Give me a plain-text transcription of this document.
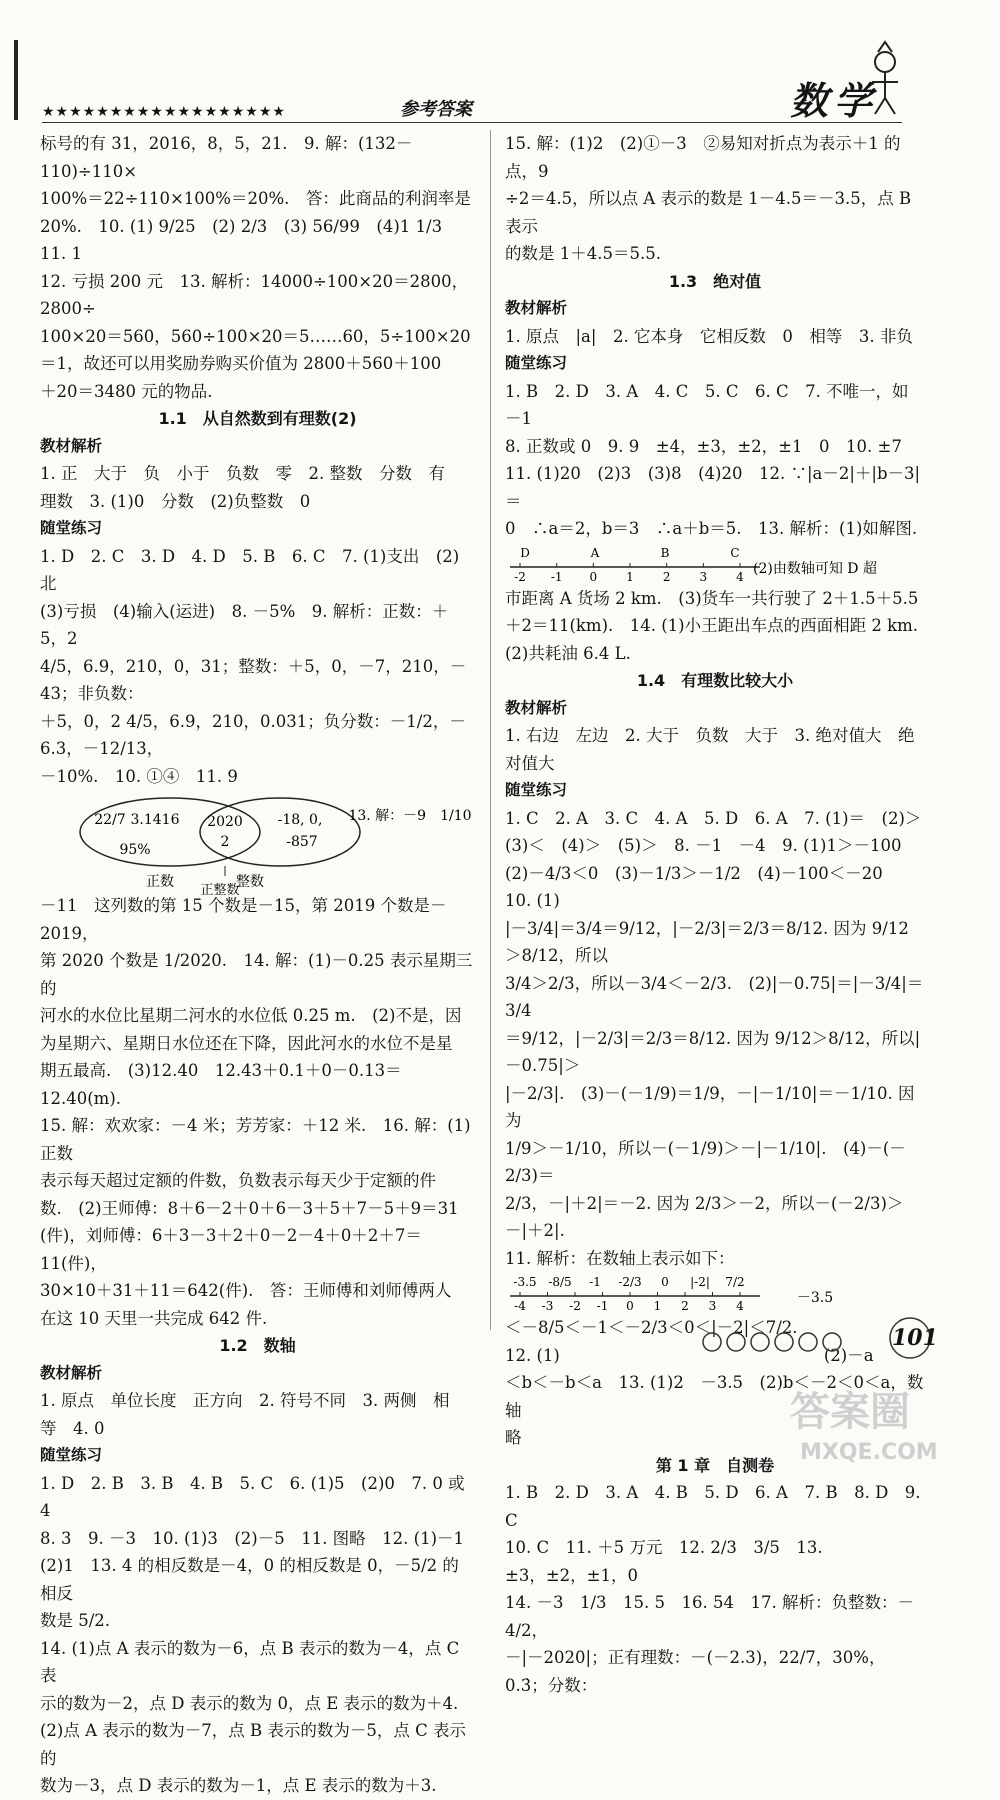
★★★★★★★★★★★★★★★★★★	参考答案	数学

标号的有 31，2016，8，5，21.　9. 解：(132－110)÷110×

100%＝22÷110×100%＝20%.　答：此商品的利润率是

20%.　10. (1) 9/25　(2) 2/3　(3) 56/99　(4)1 1/3　11. 1

12. 亏损 200 元　13. 解析：14000÷100×20＝2800，2800÷

100×20＝560，560÷100×20＝5……60，5÷100×20＝1，故还可以用奖励券购买价值为 2800＋560＋100

＋20＝3480 元的物品.

1.1　从自然数到有理数(2)

教材解析

1. 正　大于　负　小于　负数　零　2. 整数　分数　有

理数　3. (1)0　分数　(2)负整数　0

随堂练习

1. D　2. C　3. D　4. D　5. B　6. C　7. (1)支出　(2)北

(3)亏损　(4)输入(运进)　8. －5%　9. 解析：正数：＋5，2

4/5，6.9，210，0，31；整数：＋5，0，－7，210，－43；非负数：

＋5，0，2 4/5，6.9，210，0.031；负分数：－1/2，－6.3，－12/13，

－10%.　10. ①④　11. 9

22/7 3.1416
95%
2020
2
-18, 0,
-857
正数	整数
正整数
13. 解：－9　1/10

－11　这列数的第 15 个数是－15，第 2019 个数是－2019，

第 2020 个数是 1/2020.　14. 解：(1)－0.25 表示星期三的

河水的水位比星期二河水的水位低 0.25 m.　(2)不是，因

为星期六、星期日水位还在下降，因此河水的水位不是星

期五最高.　(3)12.40　12.43＋0.1＋0－0.13＝12.40(m).

15. 解：欢欢家：－4 米；芳芳家：＋12 米.　16. 解：(1)正数

表示每天超过定额的件数，负数表示每天少于定额的件

数.　(2)王师傅：8＋6－2＋0＋6－3＋5＋7－5＋9＝31

(件)，刘师傅：6＋3－3＋2＋0－2－4＋0＋2＋7＝11(件)，

30×10＋31＋11＝642(件).　答：王师傅和刘师傅两人

在这 10 天里一共完成 642 件.

1.2　数轴

教材解析

1. 原点　单位长度　正方向　2. 符号不同　3. 两侧　相

等　4. 0

随堂练习

1. D　2. B　3. B　4. B　5. C　6. (1)5　(2)0　7. 0 或 4

8. 3　9. －3　10. (1)3　(2)－5　11. 图略　12. (1)－1

(2)1　13. 4 的相反数是－4，0 的相反数是 0，－5/2 的相反

数是 5/2.

14. (1)点 A 表示的数为－6，点 B 表示的数为－4，点 C 表

示的数为－2，点 D 表示的数为 0，点 E 表示的数为＋4.

(2)点 A 表示的数为－7，点 B 表示的数为－5，点 C 表示的

数为－3，点 D 表示的数为－1，点 E 表示的数为＋3.

15. 解：(1)2　(2)①－3　②易知对折点为表示＋1 的点，9

÷2＝4.5，所以点 A 表示的数是 1－4.5＝－3.5，点 B 表示

的数是 1＋4.5＝5.5.

1.3　绝对值

教材解析

1. 原点　|a|　2. 它本身　它相反数　0　相等　3. 非负

随堂练习

1. B　2. D　3. A　4. C　5. C　6. C　7. 不唯一，如－1

8. 正数或 0　9. 9　±4，±3，±2，±1　0　10. ±7

11. (1)20　(2)3　(3)8　(4)20　12. ∵|a－2|＋|b－3|＝

0　∴a＝2，b＝3　∴a＋b＝5.　13. 解析：(1)如解图.

-2 -1 0 1 2 3 4
D	A	B	C
(2)由数轴可知 D 超

市距离 A 货场 2 km.　(3)货车一共行驶了 2＋1.5＋5.5

＋2＝11(km).　14. (1)小王距出车点的西面相距 2 km.

(2)共耗油 6.4 L.

1.4　有理数比较大小

教材解析

1. 右边　左边　2. 大于　负数　大于　3. 绝对值大　绝

对值大

随堂练习

1. C　2. A　3. C　4. A　5. D　6. A　7. (1)＝　(2)＞

(3)＜　(4)＞　(5)＞　8. －1　－4　9. (1)1＞－100

(2)－4/3＜0　(3)－1/3＞－1/2　(4)－100＜－20　10. (1)

|－3/4|＝3/4＝9/12，|－2/3|＝2/3＝8/12. 因为 9/12＞8/12，所以

3/4＞2/3，所以－3/4＜－2/3.　(2)|－0.75|＝|－3/4|＝3/4

＝9/12，|－2/3|＝2/3＝8/12. 因为 9/12＞8/12，所以|－0.75|＞

|－2/3|.　(3)－(－1/9)＝1/9，－|－1/10|＝－1/10. 因为

1/9＞－1/10，所以－(－1/9)＞－|－1/10|.　(4)－(－2/3)＝

2/3，－|＋2|＝－2. 因为 2/3＞－2，所以－(－2/3)＞－|＋2|.

11. 解析：在数轴上表示如下：

-4 -3 -2 -1 0 1 2 3 4
-3.5 -8/5 -1 -2/3 0 |-2| 7/2
－3.5

＜－8/5＜－1＜－2/3＜0＜|－2|＜7/2.

12. (1)　　　　　　　　　　　　　　　　(2)－a

＜b＜－b＜a　13. (1)2　－3.5　(2)b＜－2＜0＜a，数轴

略

第 1 章　自测卷

1. B　2. D　3. A　4. B　5. D　6. A　7. B　8. D　9. C

10. C　11. ＋5 万元　12. 2/3　3/5　13. ±3，±2，±1，0

14. －3　1/3　15. 5　16. 54　17. 解析：负整数：－4/2，

－|－2020|；正有理数：－(－2.3)，22/7，30%，0.3̇；分数：

101
答案圈
MXQE.COM
